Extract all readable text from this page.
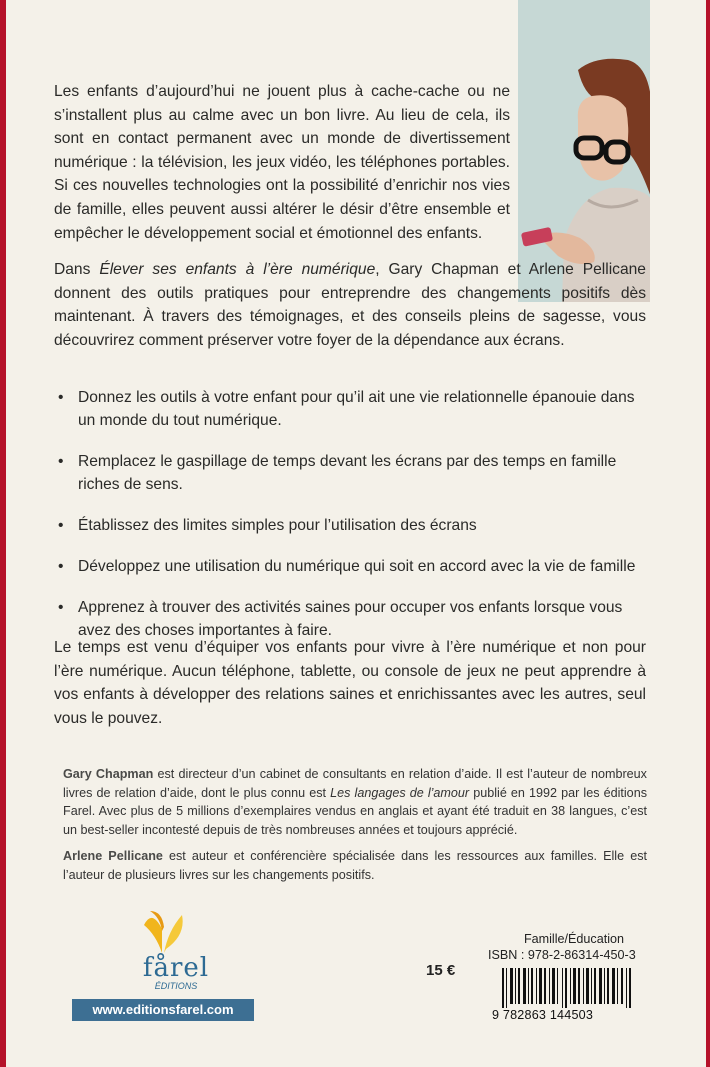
Les enfants d’aujourd’hui ne jouent plus à cache-cache ou ne s’installent plus au calme avec un bon livre. Au lieu de cela, ils sont en contact permanent avec un monde de divertissement numérique : la télévision, les jeux vidéo, les téléphones portables. Si ces nouvelles technologies ont la possibilité d’enrichir nos vies de famille, elles peuvent aussi altérer le désir d’être ensemble et empêcher le développement social et émotionnel des enfants.

Dans Élever ses enfants à l’ère numérique, Gary Chapman et Arlene Pellicane donnent des outils pratiques pour entreprendre des changements positifs dès maintenant. À travers des témoignages, et des conseils pleins de sagesse, vous découvrirez comment préserver votre foyer de la dépendance aux écrans.

• Donnez les outils à votre enfant pour qu’il ait une vie relationnelle épanouie dans un monde du tout numérique.
• Remplacez le gaspillage de temps devant les écrans par des temps en famille riches de sens.
• Établissez des limites simples pour l’utilisation des écrans
• Développez une utilisation du numérique qui soit en accord avec la vie de famille
• Apprenez à trouver des activités saines pour occuper vos enfants lorsque vous avez des choses importantes à faire.
Le temps est venu d’équiper vos enfants pour vivre à l’ère numérique et non pour l’ère numérique. Aucun téléphone, tablette, ou console de jeux ne peut apprendre à vos enfants à développer des relations saines et enrichissantes avec les autres, seul vous le pouvez.

Gary Chapman est directeur d’un cabinet de consultants en relation d’aide. Il est l’auteur de nombreux livres de relation d’aide, dont le plus connu est Les langages de l’amour publié en 1992 par les éditions Farel. Avec plus de 5 millions d’exemplaires vendus en anglais et ayant été traduit en 38 langues, c’est un best-seller incontesté depuis de très nombreuses années et toujours apprécié.

Arlene Pellicane est auteur et conférencière spécialisée dans les ressources aux familles. Elle est l’auteur de plusieurs livres sur les changements positifs.

fårel
ÉDITIONS
www.editionsfarel.com
15 €
Famille/Éducation
ISBN : 978-2-86314-450-3
9 782863 144503
